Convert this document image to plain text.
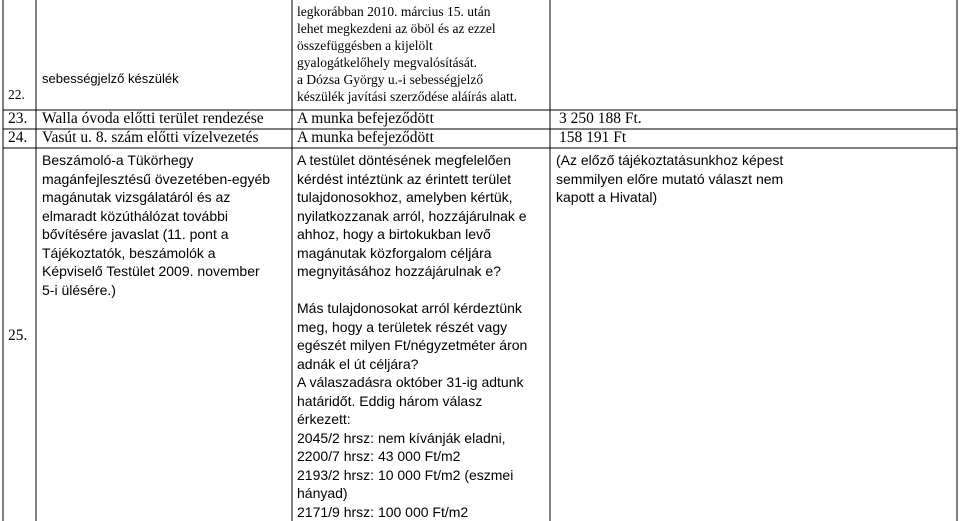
22.
sebességjelző készülék
legkorábban 2010. március 15. után
lehet megkezdeni az öböl és az ezzel
összefüggésben a kijelölt
gyalogátkelőhely megvalósítását.
a Dózsa György u.-i sebességjelző
készülék javítási szerződése aláírás alatt.
23. Walla óvoda előtti terület rendezése A munka befejeződött	3 250 188 Ft.
24. Vasút u. 8. szám előtti vízelvezetés A munka befejeződött	158 191 Ft
25.
Beszámoló-a Tükörhegy
magánfejlesztésű övezetében-egyéb
magánutak vizsgálatáról és az
elmaradt közúthálózat további
bővítésére javaslat (11. pont a
Tájékoztatók, beszámolók a
Képviselő Testület 2009. november
5-i ülésére.)
A testület döntésének megfelelően
kérdést intéztünk az érintett terület
tulajdonosokhoz, amelyben kértük,
nyilatkozzanak arról, hozzájárulnak e
ahhoz, hogy a birtokukban levő
magánutak közforgalom céljára
megnyitásához hozzájárulnak e?
Más tulajdonosokat arról kérdeztünk
meg, hogy a területek részét vagy
egészét milyen Ft/négyzetméter áron
adnák el út céljára?
A válaszadásra október 31-ig adtunk
határidőt. Eddig három válasz
érkezett:
2045/2 hrsz: nem kívánják eladni,
2200/7 hrsz: 43 000 Ft/m2
2193/2 hrsz: 10 000 Ft/m2 (eszmei
hányad)
2171/9 hrsz: 100 000 Ft/m2
(Az előző tájékoztatásunkhoz képest
semmilyen előre mutató választ nem
kapott a Hivatal)
